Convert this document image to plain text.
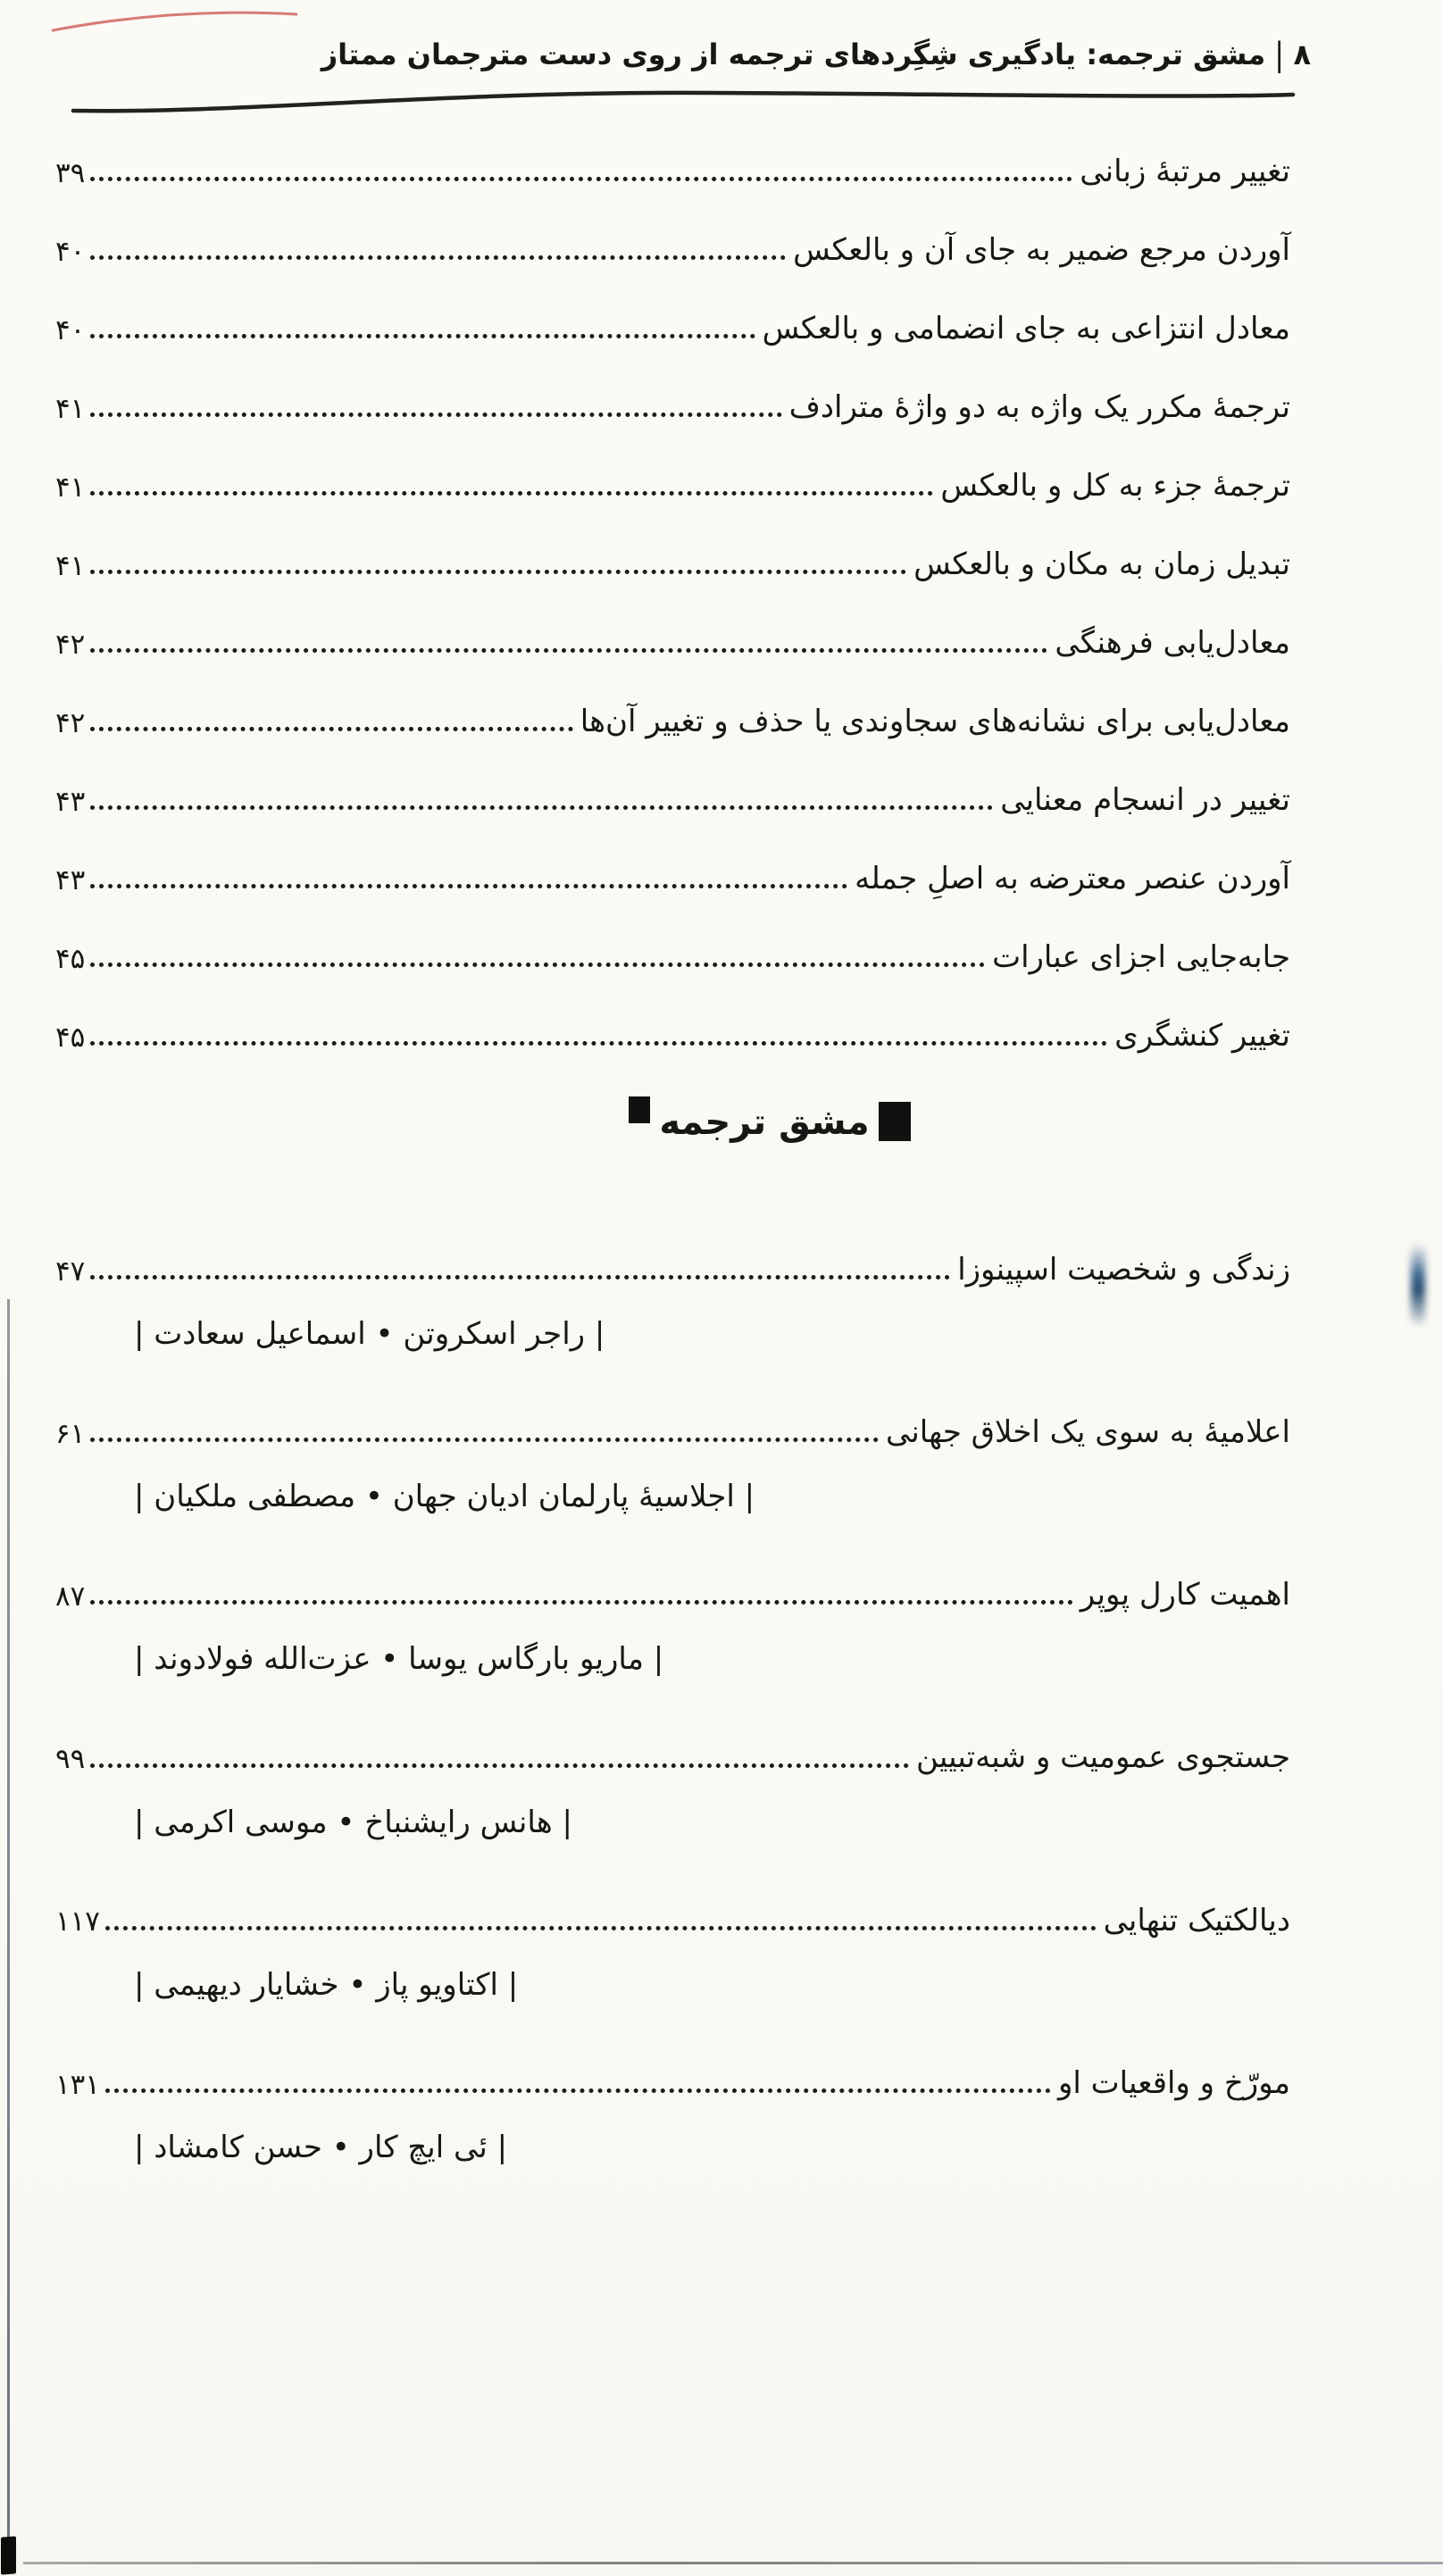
۸|مشق ترجمه: یادگیری شِگِردهای ترجمه از روی دست مترجمان ممتاز
تغییر مرتبهٔ زبانی
۳۹
آوردن مرجع ضمیر به جای آن و بالعکس
۴۰
معادل انتزاعی به جای انضمامی و بالعکس
۴۰
ترجمهٔ مکرر یک واژه به دو واژهٔ مترادف
۴۱
ترجمهٔ جزء به کل و بالعکس
۴۱
تبدیل زمان به مکان و بالعکس
۴۱
معادل‌یابی فرهنگی
۴۲
معادل‌یابی برای نشانه‌های سجاوندی یا حذف و تغییر آن‌ها
۴۲
تغییر در انسجام معنایی
۴۳
آوردن عنصر معترضه به اصلِ جمله
۴۳
جابه‌جایی اجزای عبارات
۴۵
تغییر کنشگری
۴۵
مشق ترجمه
زندگی و شخصیت اسپینوزا
۴۷
| راجر اسکروتن • اسماعیل سعادت |
اعلامیهٔ به سوی یک اخلاق جهانی
۶۱
| اجلاسیهٔ پارلمان ادیان جهان • مصطفی ملکیان |
اهمیت کارل پوپر
۸۷
| ماریو بارگاس یوسا • عزت‌الله فولادوند |
جستجوی عمومیت و شبه‌تبیین
۹۹
| هانس رایشنباخ • موسی اکرمی |
دیالکتیک تنهایی
۱۱۷
| اکتاویو پاز • خشایار دیهیمی |
مورّخ و واقعیات او
۱۳۱
| ئی ایچ کار • حسن کامشاد |
